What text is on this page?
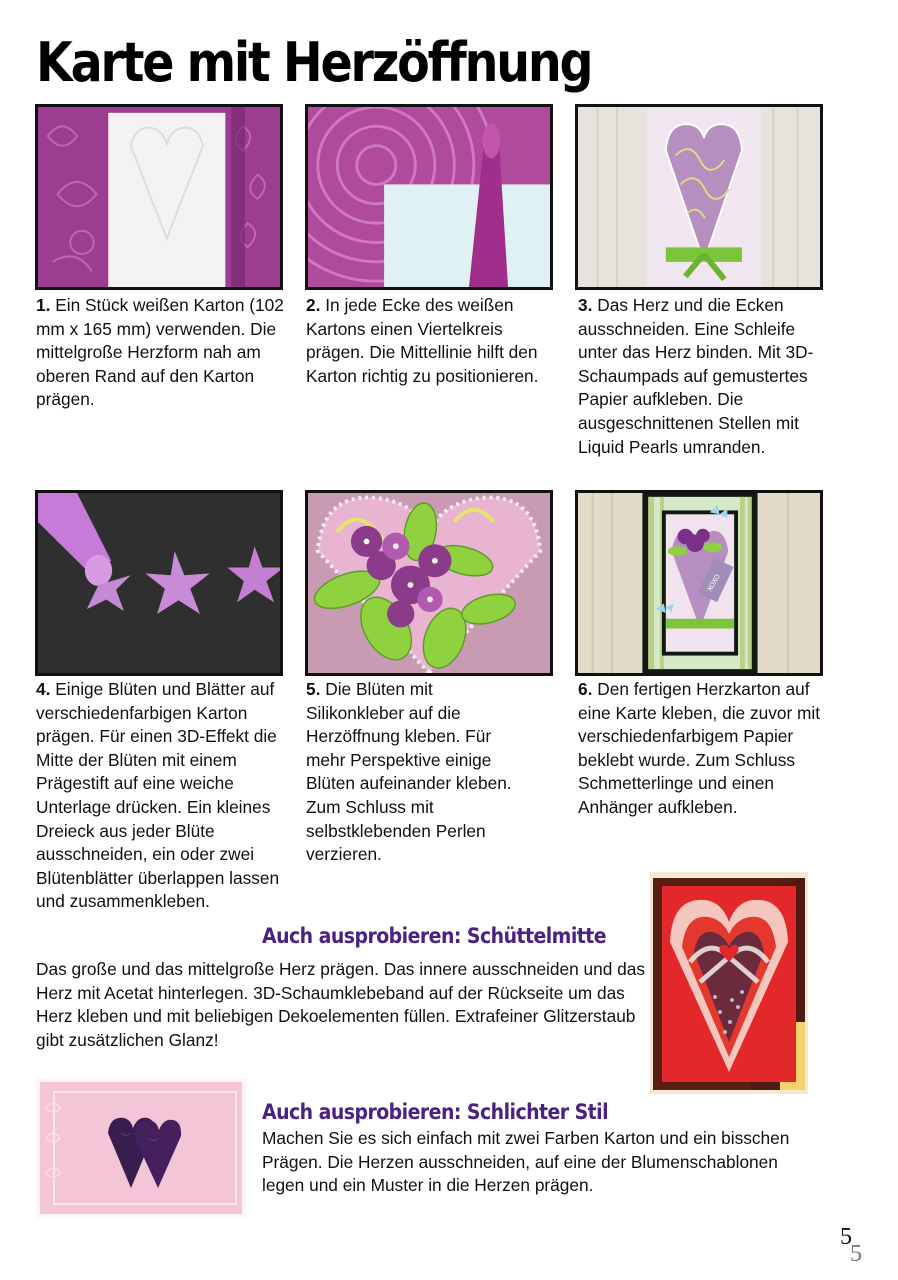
Karte mit Herzöffnung
XOXO
1. Ein Stück weißen Karton (102 mm x 165 mm) verwenden. Die mittelgroße Herzform nah am oberen Rand auf den Karton prägen.
2. In jede Ecke des weißen Kartons einen Viertelkreis prägen. Die Mittellinie hilft den Karton richtig zu positionieren.
3. Das Herz und die Ecken ausschneiden. Eine Schleife unter das Herz binden. Mit 3D- Schaumpads auf gemustertes Papier aufkleben. Die ausgeschnittenen Stellen mit Liquid Pearls umranden.
4. Einige Blüten und Blätter auf verschiedenfarbigen Karton prägen. Für einen 3D-Effekt die Mitte der Blüten mit einem Prägestift auf eine weiche Unterlage drücken. Ein kleines Dreieck aus jeder Blüte ausschneiden, ein oder zwei Blütenblätter überlappen lassen und zusammenkleben.
5. Die Blüten mit Silikonkleber auf die Herzöffnung kleben. Für mehr Perspektive einige Blüten aufeinander kleben. Zum Schluss mit selbstklebenden Perlen verzieren.
6. Den fertigen Herzkarton auf eine Karte kleben, die zuvor mit verschiedenfarbigem Papier beklebt wurde. Zum Schluss Schmetterlinge und einen Anhänger aufkleben.
Auch ausprobieren: Schüttelmitte
Das große und das mittelgroße Herz prägen. Das innere ausschneiden und das Herz mit Acetat hinterlegen. 3D-Schaumklebeband auf der Rückseite um das Herz kleben und mit beliebigen Dekoelementen füllen. Extrafeiner Glitzerstaub gibt zusätzlichen Glanz!
Auch ausprobieren: Schlichter Stil
Machen Sie es sich einfach mit zwei Farben Karton und ein bisschen Prägen. Die Herzen ausschneiden, auf eine der Blumenschablonen legen und ein Muster in die Herzen prägen.
5
5
